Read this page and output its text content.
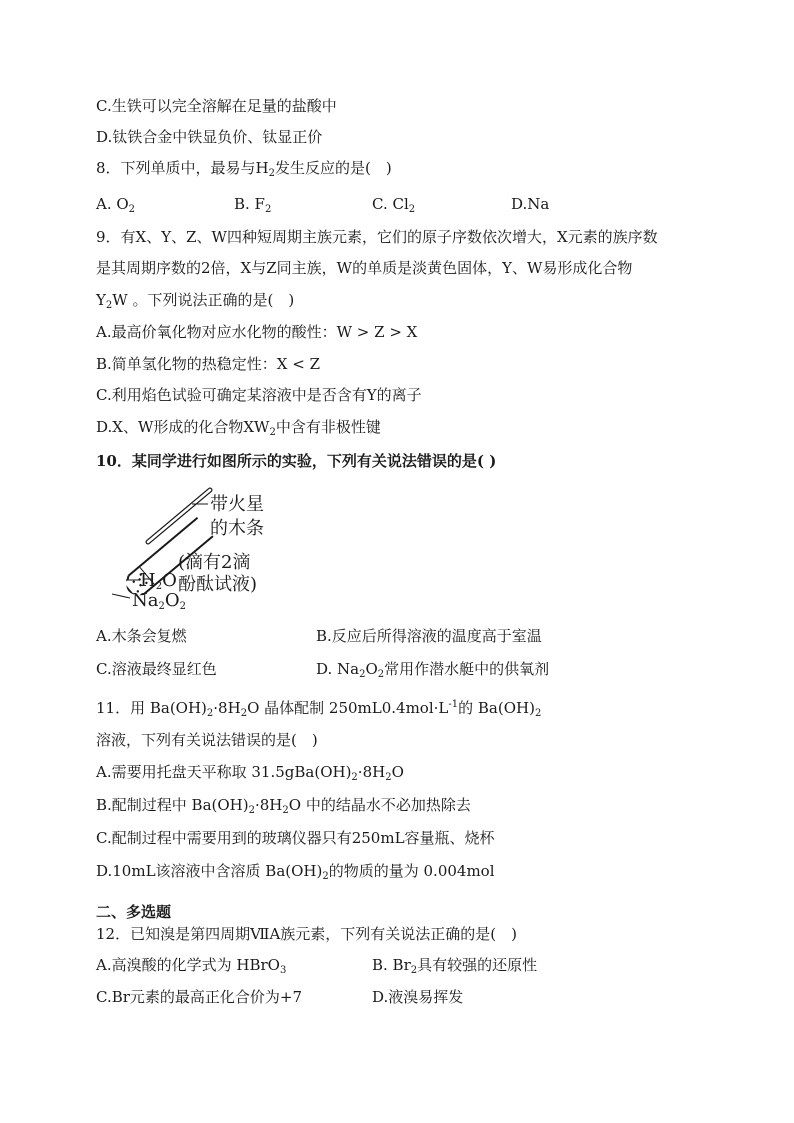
C.生铁可以完全溶解在足量的盐酸中
D.钛铁合金中铁显负价、钛显正价
8．下列单质中，最易与$H_2$发生反应的是(　)
A. $O_2$	B. $F_2$	C. $Cl_2$	D.Na
9．有X、Y、Z、W四种短周期主族元素，它们的原子序数依次增大，X元素的族序数
是其周期序数的2倍，X与Z同主族，W的单质是淡黄色固体，Y、W易形成化合物
$Y_2W$ 。下列说法正确的是(　)
A.最高价氧化物对应水化物的酸性：W > Z > X
B.简单氢化物的热稳定性：X < Z
C.利用焰色试验可确定某溶液中是否含有Y的离子
D.X、W形成的化合物$XW_2$中含有非极性键
10．某同学进行如图所示的实验，下列有关说法错误的是( )
带火星
的木条
(滴有2滴
酚酞试液)
$H_2O$
$Na_2O_2$
A.木条会复燃	B.反应后所得溶液的温度高于室温
C.溶液最终显红色	D. $Na_2O_2$常用作潜水艇中的供氧剂
11．用 $Ba(OH)_2\cdot 8H_2O$ 晶体配制 $250mL0.4mol\cdot L^{-1}$的 $Ba(OH)_2$
溶液，下列有关说法错误的是(　)
A.需要用托盘天平称取 $31.5gBa(OH)_2\cdot 8H_2O$
B.配制过程中 $Ba(OH)_2\cdot 8H_2O$ 中的结晶水不必加热除去
C.配制过程中需要用到的玻璃仪器只有250mL容量瓶、烧杯
D.10mL该溶液中含溶质 $Ba(OH)_2$的物质的量为 0.004mol
二、多选题
12．已知溴是第四周期ⅦA族元素，下列有关说法正确的是(　)
A.高溴酸的化学式为 HBrO$_3$	B. $Br_2$具有较强的还原性
C.Br元素的最高正化合价为+7	D.液溴易挥发
